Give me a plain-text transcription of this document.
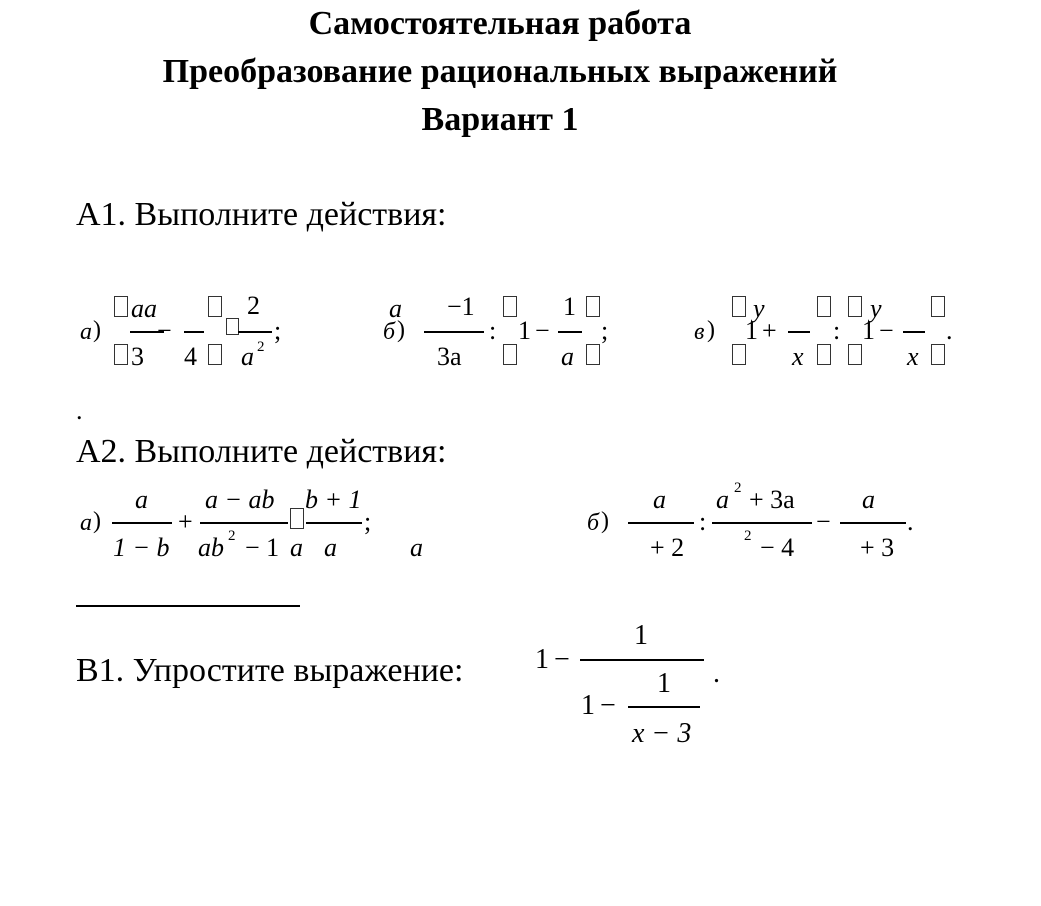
Самостоятельная работа
Преобразование рациональных выражений
Вариант 1
А1. Выполните действия:
а )
аа
3
−
4
2
а 2
;
а
б )
−1
3а
: 1 −
1
а
;	в )
у
1 +
х
:
у
1 −
х
.
.
А2. Выполните действия:
а )
а
1 − b
+
a − ab
ab 2 − 1
b + 1
a a
;
a
б )
а
+ 2
:
а 2 + 3а
2 − 4
−
а
+ 3
.
В1. Упростите выражение:	1 −
1
1 −
1
х − 3
.
